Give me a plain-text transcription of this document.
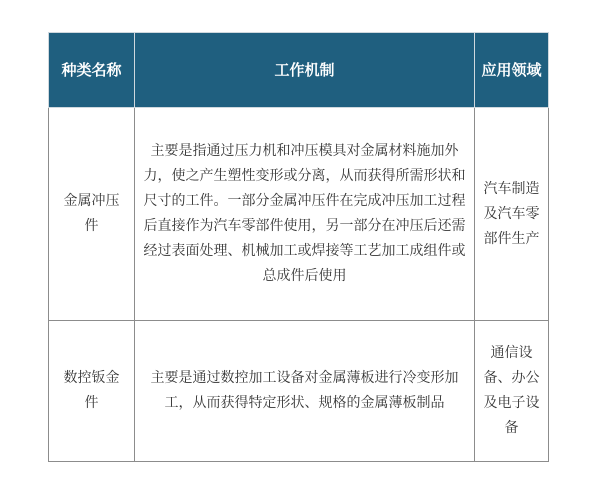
种类名称	工作机制	应用领域
金属冲压件	主要是指通过压力机和冲压模具对金属材料施加外力，使之产生塑性变形或分离，从而获得所需形状和尺寸的工件。一部分金属冲压件在完成冲压加工过程后直接作为汽车零部件使用，另一部分在冲压后还需经过表面处理、机械加工或焊接等工艺加工成组件或总成件后使用	汽车制造及汽车零部件生产
数控钣金件	主要是通过数控加工设备对金属薄板进行冷变形加工，从而获得特定形状、规格的金属薄板制品	通信设备、办公及电子设备
